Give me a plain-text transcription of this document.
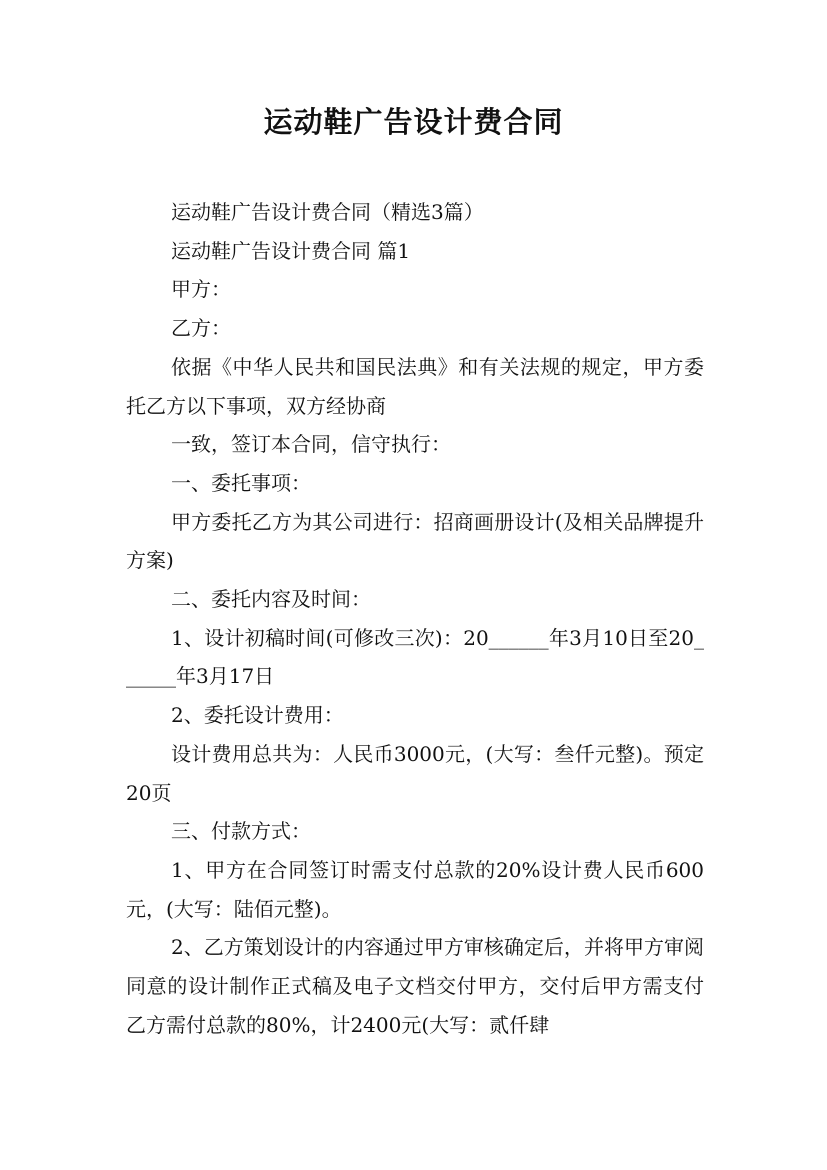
运动鞋广告设计费合同

运动鞋广告设计费合同（精选3篇）

运动鞋广告设计费合同 篇1

甲方：

乙方：

依据《中华人民共和国民法典》和有关法规的规定，甲方委托乙方以下事项，双方经协商

一致，签订本合同，信守执行：

一、委托事项：

甲方委托乙方为其公司进行：招商画册设计(及相关品牌提升方案)

二、委托内容及时间：

1、设计初稿时间(可修改三次)：20______年3月10日至20______年3月17日

2、委托设计费用：

设计费用总共为：人民币3000元，(大写：叁仟元整)。预定20页

三、付款方式：

1、甲方在合同签订时需支付总款的20%设计费人民币600元，(大写：陆佰元整)。

2、乙方策划设计的内容通过甲方审核确定后，并将甲方审阅同意的设计制作正式稿及电子文档交付甲方，交付后甲方需支付乙方需付总款的80%，计2400元(大写：贰仟肆
